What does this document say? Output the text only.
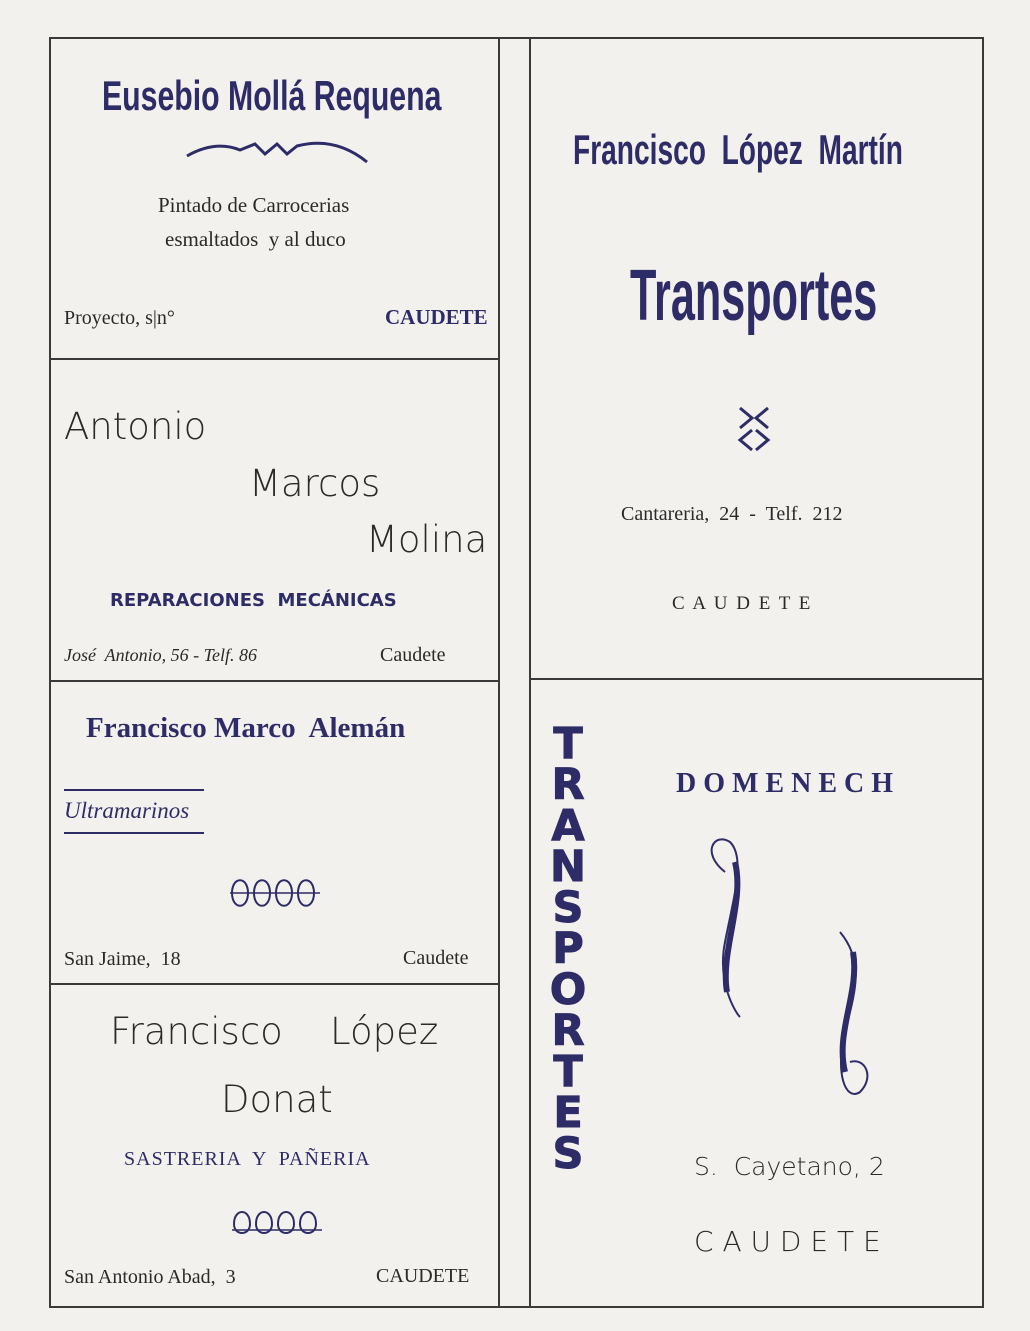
Eusebio Mollá Requena
Pintado de Carrocerias
esmaltados  y al duco
Proyecto, s|n°	CAUDETE
Antonio
Marcos
Molina
REPARACIONES  MECÁNICAS
José  Antonio, 56 - Telf. 86	Caudete
Francisco Marco  Alemán
Ultramarinos
San Jaime,  18	Caudete
Francisco López
Donat
SASTRERIA  Y  PAÑERIA
San Antonio Abad,  3	CAUDETE
Francisco  López  Martín
Transportes
Cantareria,  24  -  Telf.  212
C A U D E T E
T
R
A
N
S
P
O
R
T
E
S
D O M E N E C H
S.  Cayetano, 2
C A U D E T E
